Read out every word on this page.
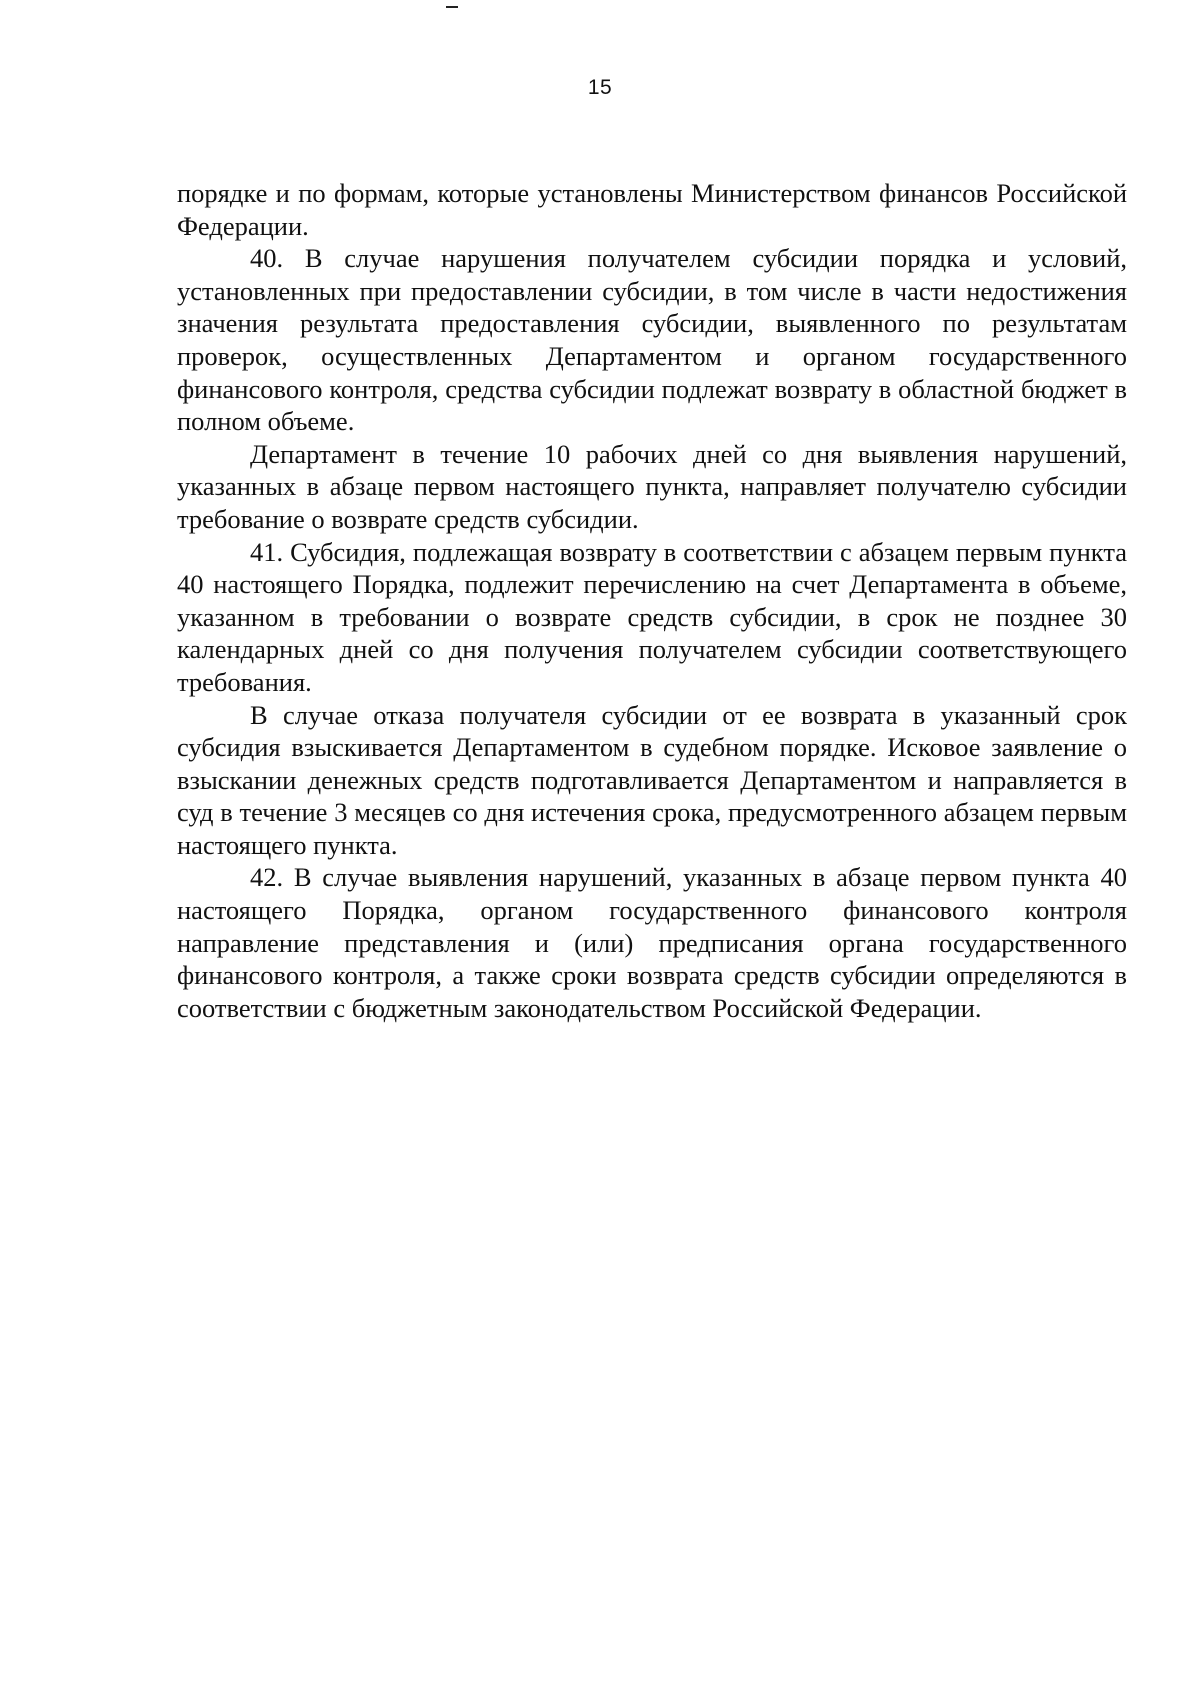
15

порядке и по формам, которые установлены Министерством финансов Российской Федерации.

40. В случае нарушения получателем субсидии порядка и условий, установленных при предоставлении субсидии, в том числе в части недостижения значения результата предоставления субсидии, выявленного по результатам проверок, осуществленных Департаментом и органом государственного финансового контроля, средства субсидии подлежат возврату в областной бюджет в полном объеме.

Департамент в течение 10 рабочих дней со дня выявления нарушений, указанных в абзаце первом настоящего пункта, направляет получателю субсидии требование о возврате средств субсидии.

41. Субсидия, подлежащая возврату в соответствии с абзацем первым пункта 40 настоящего Порядка, подлежит перечислению на счет Департамента в объеме, указанном в требовании о возврате средств субсидии, в срок не позднее 30 календарных дней со дня получения получателем субсидии соответствующего требования.

В случае отказа получателя субсидии от ее возврата в указанный срок субсидия взыскивается Департаментом в судебном порядке. Исковое заявление о взыскании денежных средств подготавливается Департаментом и направляется в суд в течение 3 месяцев со дня истечения срока, предусмотренного абзацем первым настоящего пункта.

42. В случае выявления нарушений, указанных в абзаце первом пункта 40 настоящего Порядка, органом государственного финансового контроля направление представления и (или) предписания органа государственного финансового контроля, а также сроки возврата средств субсидии определяются в соответствии с бюджетным законодательством Российской Федерации.
